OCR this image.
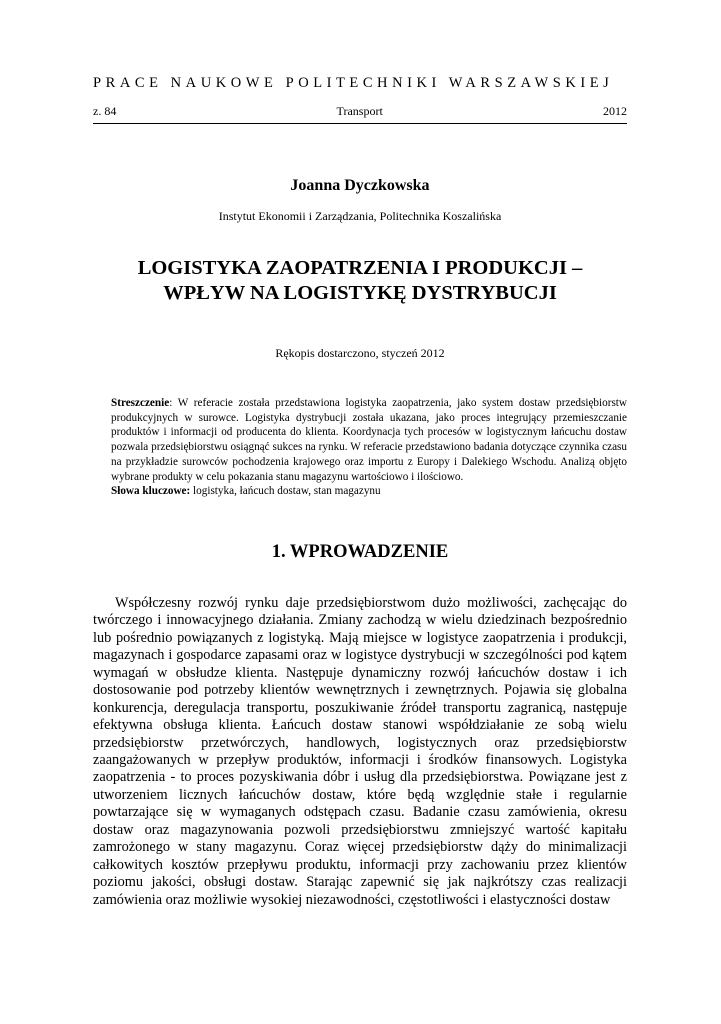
PRACE NAUKOWE POLITECHNIKI WARSZAWSKIEJ
z. 84	Transport	2012
Joanna Dyczkowska
Instytut Ekonomii i Zarządzania, Politechnika Koszalińska
LOGISTYKA ZAOPATRZENIA I PRODUKCJI –
WPŁYW NA LOGISTYKĘ DYSTRYBUCJI
Rękopis dostarczono, styczeń 2012
Streszczenie: W referacie została przedstawiona logistyka zaopatrzenia, jako system dostaw przedsiębiorstw produkcyjnych w surowce. Logistyka dystrybucji została ukazana, jako proces integrujący przemieszczanie produktów i informacji od producenta do klienta. Koordynacja tych procesów w logistycznym łańcuchu dostaw pozwala przedsiębiorstwu osiągnąć sukces na rynku. W referacie przedstawiono badania dotyczące czynnika czasu na przykładzie surowców pochodzenia krajowego oraz importu z Europy i Dalekiego Wschodu. Analizą objęto wybrane produkty w celu pokazania stanu magazynu wartościowo i ilościowo.
Słowa kluczowe: logistyka, łańcuch dostaw, stan magazynu
1. WPROWADZENIE

Współczesny rozwój rynku daje przedsiębiorstwom dużo możliwości, zachęcając do twórczego i innowacyjnego działania. Zmiany zachodzą w wielu dziedzinach bezpośrednio lub pośrednio powiązanych z logistyką. Mają miejsce w logistyce zaopatrzenia i produkcji, magazynach i gospodarce zapasami oraz w logistyce dystrybucji w szczególności pod kątem wymagań w obsłudze klienta. Następuje dynamiczny rozwój łańcuchów dostaw i ich dostosowanie pod potrzeby klientów wewnętrznych i zewnętrznych. Pojawia się globalna konkurencja, deregulacja transportu, poszukiwanie źródeł transportu zagranicą, następuje efektywna obsługa klienta. Łańcuch dostaw stanowi współdziałanie ze sobą wielu przedsiębiorstw przetwórczych, handlowych, logistycznych oraz przedsiębiorstw zaangażowanych w przepływ produktów, informacji i środków finansowych. Logistyka zaopatrzenia - to proces pozyskiwania dóbr i usług dla przedsiębiorstwa. Powiązane jest z utworzeniem licznych łańcuchów dostaw, które będą względnie stałe i regularnie powtarzające się w wymaganych odstępach czasu. Badanie czasu zamówienia, okresu dostaw oraz magazynowania pozwoli przedsiębiorstwu zmniejszyć wartość kapitału zamrożonego w stany magazynu. Coraz więcej przedsiębiorstw dąży do minimalizacji całkowitych kosztów przepływu produktu, informacji przy zachowaniu przez klientów poziomu jakości, obsługi dostaw. Starając zapewnić się jak najkrótszy czas realizacji zamówienia oraz możliwie wysokiej niezawodności, częstotliwości i elastyczności dostaw
